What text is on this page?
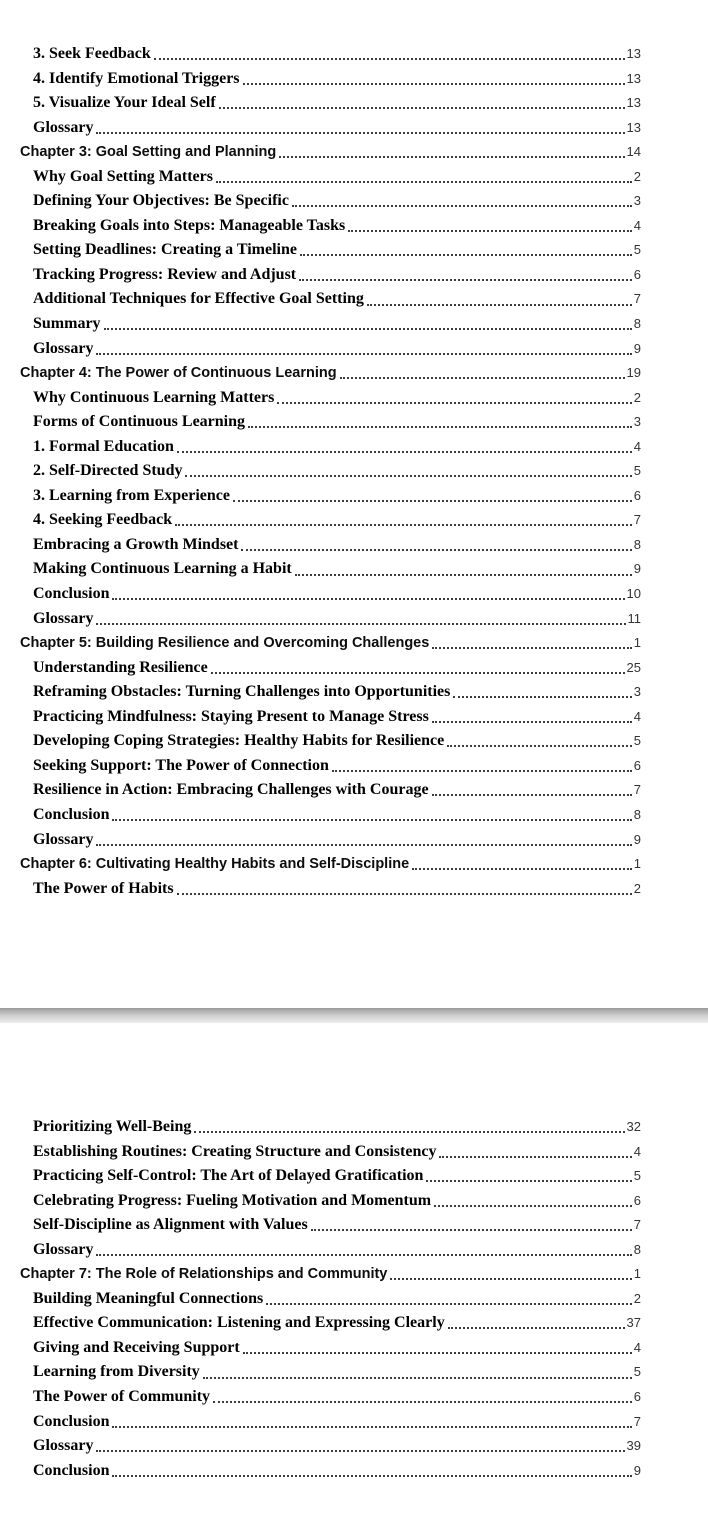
3. Seek Feedback	13
4. Identify Emotional Triggers	13
5. Visualize Your Ideal Self	13
Glossary	13
Chapter 3: Goal Setting and Planning	14
Why Goal Setting Matters	2
Defining Your Objectives: Be Specific	3
Breaking Goals into Steps: Manageable Tasks	4
Setting Deadlines: Creating a Timeline	5
Tracking Progress: Review and Adjust	6
Additional Techniques for Effective Goal Setting	7
Summary	8
Glossary	9
Chapter 4: The Power of Continuous Learning	19
Why Continuous Learning Matters	2
Forms of Continuous Learning	3
1. Formal Education	4
2. Self-Directed Study	5
3. Learning from Experience	6
4. Seeking Feedback	7
Embracing a Growth Mindset	8
Making Continuous Learning a Habit	9
Conclusion	10
Glossary	11
Chapter 5: Building Resilience and Overcoming Challenges	1
Understanding Resilience	25
Reframing Obstacles: Turning Challenges into Opportunities	3
Practicing Mindfulness: Staying Present to Manage Stress	4
Developing Coping Strategies: Healthy Habits for Resilience	5
Seeking Support: The Power of Connection	6
Resilience in Action: Embracing Challenges with Courage	7
Conclusion	8
Glossary	9
Chapter 6: Cultivating Healthy Habits and Self-Discipline	1
The Power of Habits	2
Prioritizing Well-Being	32
Establishing Routines: Creating Structure and Consistency	4
Practicing Self-Control: The Art of Delayed Gratification	5
Celebrating Progress: Fueling Motivation and Momentum	6
Self-Discipline as Alignment with Values	7
Glossary	8
Chapter 7: The Role of Relationships and Community	1
Building Meaningful Connections	2
Effective Communication: Listening and Expressing Clearly	37
Giving and Receiving Support	4
Learning from Diversity	5
The Power of Community	6
Conclusion	7
Glossary	39
Conclusion	9
